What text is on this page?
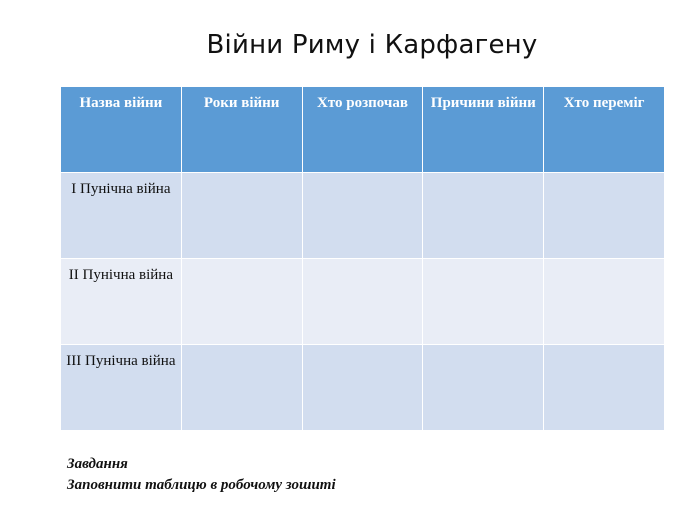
Війни Риму і Карфагену
Назва війни	Роки війни	Хто розпочав	Причини війни	Хто переміг
І Пунічна війна				
ІІ Пунічна війна				
ІІІ Пунічна війна				
Завдання
Заповнити таблицю в робочому зошиті
